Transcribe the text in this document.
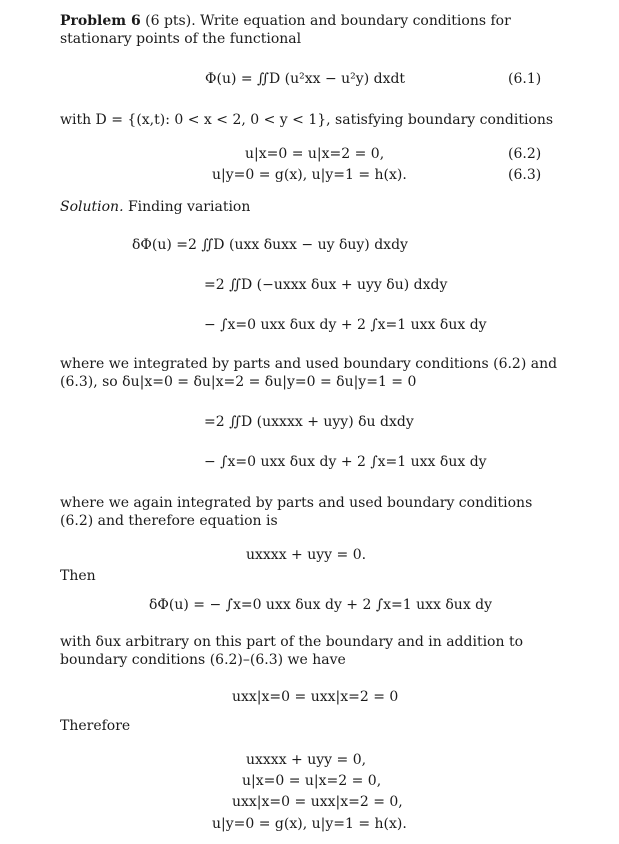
Problem 6 (6 pts). Write equation and boundary conditions for stationary points of the functional
Φ(u) = ∬D (u²xx − u²y) dxdt	(6.1)
with D = {(x,t): 0 < x < 2, 0 < y < 1}, satisfying boundary conditions
u|x=0 = u|x=2 = 0,	(6.2)
u|y=0 = g(x), u|y=1 = h(x).	(6.3)
Solution. Finding variation
δΦ(u) =2 ∬D (uxx δuxx − uy δuy) dxdy
=2 ∬D (−uxxx δux + uyy δu) dxdy
− ∫x=0 uxx δux dy + 2 ∫x=1 uxx δux dy
where we integrated by parts and used boundary conditions (6.2) and (6.3), so δu|x=0 = δu|x=2 = δu|y=0 = δu|y=1 = 0
=2 ∬D (uxxxx + uyy) δu dxdy
− ∫x=0 uxx δux dy + 2 ∫x=1 uxx δux dy
where we again integrated by parts and used boundary conditions (6.2) and therefore equation is
uxxxx + uyy = 0.
Then
δΦ(u) = − ∫x=0 uxx δux dy + 2 ∫x=1 uxx δux dy
with δux arbitrary on this part of the boundary and in addition to boundary conditions (6.2)–(6.3) we have
uxx|x=0 = uxx|x=2 = 0
Therefore
uxxxx + uyy = 0,
u|x=0 = u|x=2 = 0,
uxx|x=0 = uxx|x=2 = 0,
u|y=0 = g(x), u|y=1 = h(x).
